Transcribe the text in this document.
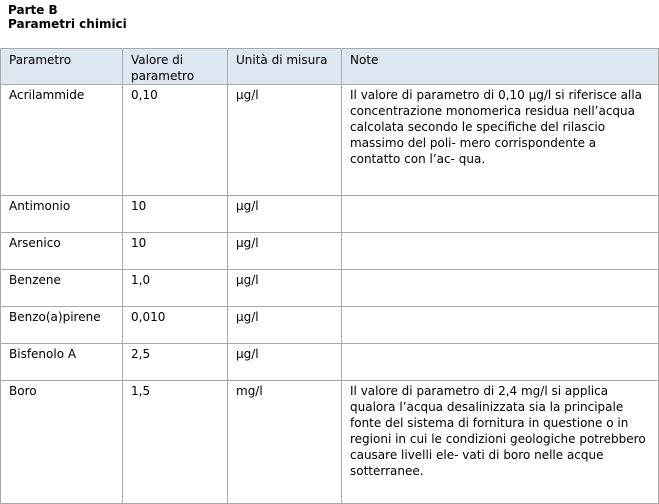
Parte B
Parametri chimici
Parametro	Valore di parametro	Unità di misura	Note
Acrilammide	0,10	µg/l	Il valore di parametro di 0,10 µg/l si riferisce alla concentrazione monomerica residua nell’acqua calcolata secondo le specifiche del rilascio massimo del poli- mero corrispondente a contatto con l’ac- qua.
Antimonio	10	µg/l	
Arsenico	10	µg/l	
Benzene	1,0	µg/l	
Benzo(a)pirene	0,010	µg/l	
Bisfenolo A	2,5	µg/l	
Boro	1,5	mg/l	Il valore di parametro di 2,4 mg/l si applica qualora l’acqua desalinizzata sia la principale fonte del sistema di fornitura in questione o in regioni in cui le condizioni geologiche potrebbero causare livelli ele- vati di boro nelle acque sotterranee.
